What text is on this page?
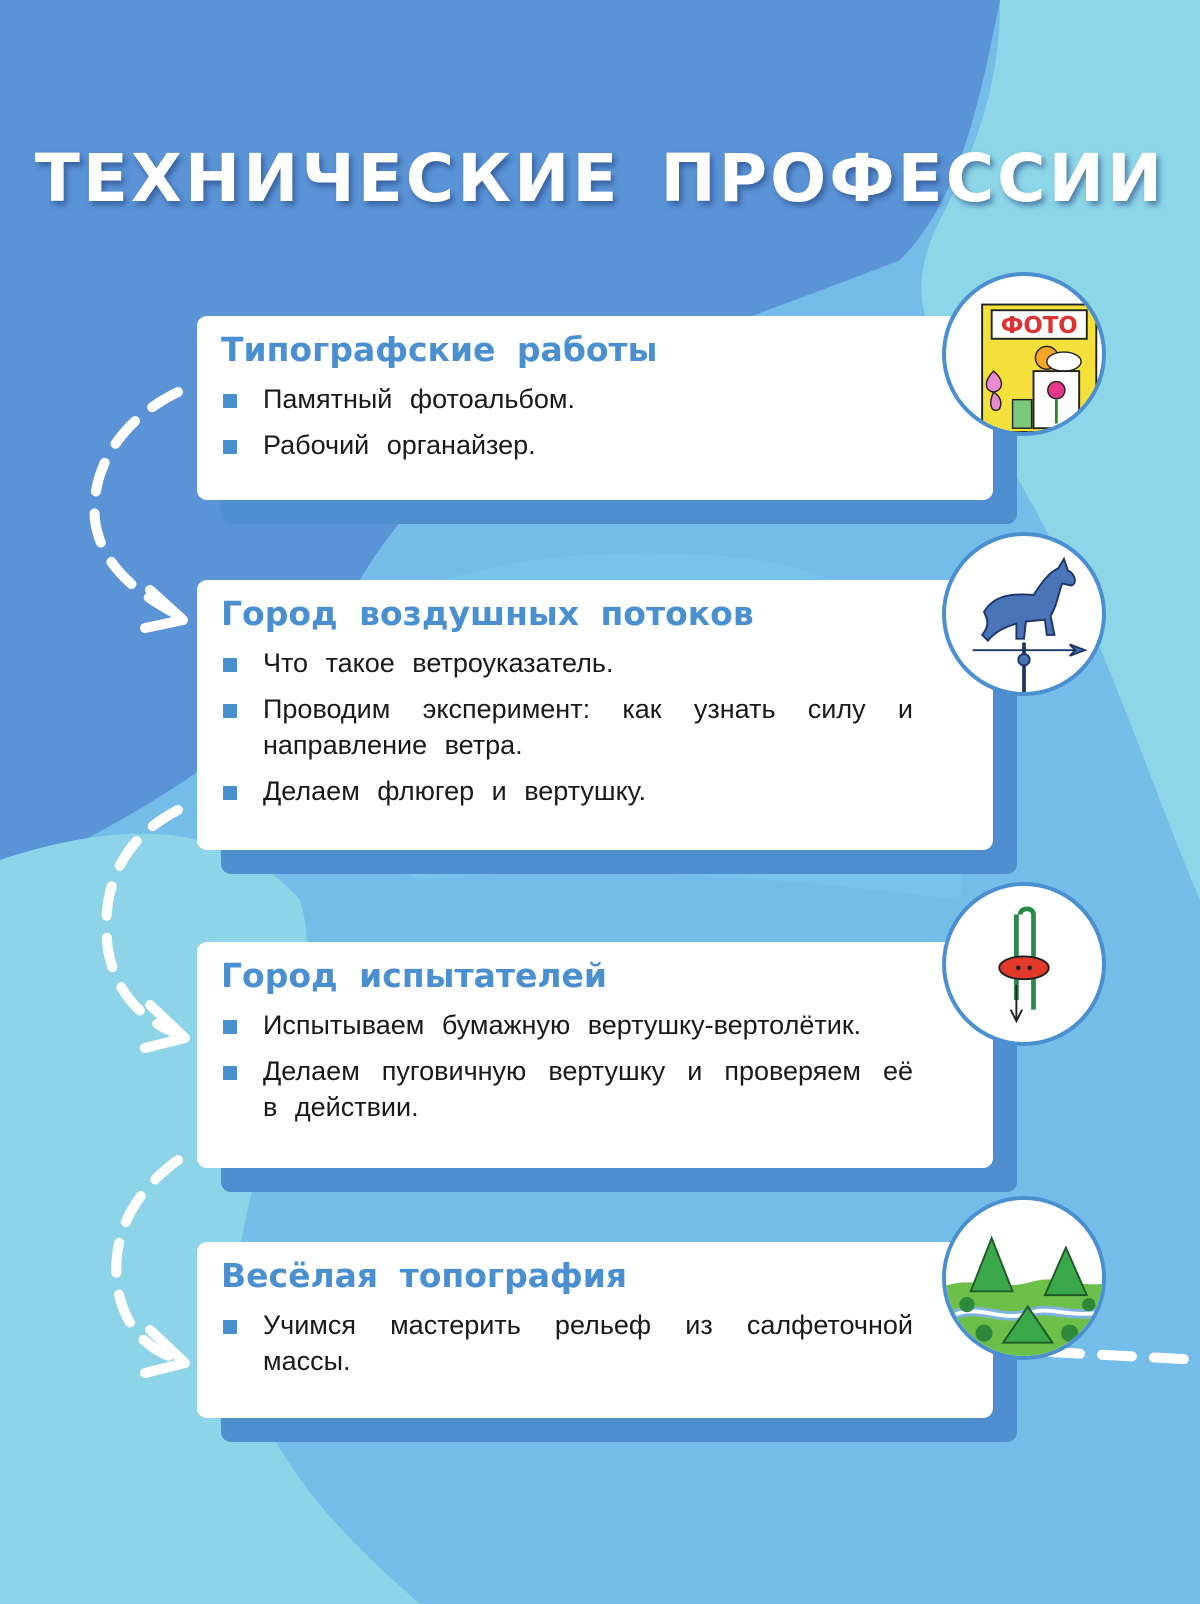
ТЕХНИЧЕСКИЕ ПРОФЕССИИ
Типографские работы
Памятный фотоальбом.
Рабочий органайзер.
ФОТО
Город воздушных потоков
Что такое ветроуказатель.
Проводим эксперимент: как узнать силу и направление ветра.
Делаем флюгер и вертушку.
Город испытателей
Испытываем бумажную вертушку-вертолётик.
Делаем пуговичную вертушку и проверяем её в действии.
Весёлая топография
Учимся мастерить рельеф из салфеточной массы.
